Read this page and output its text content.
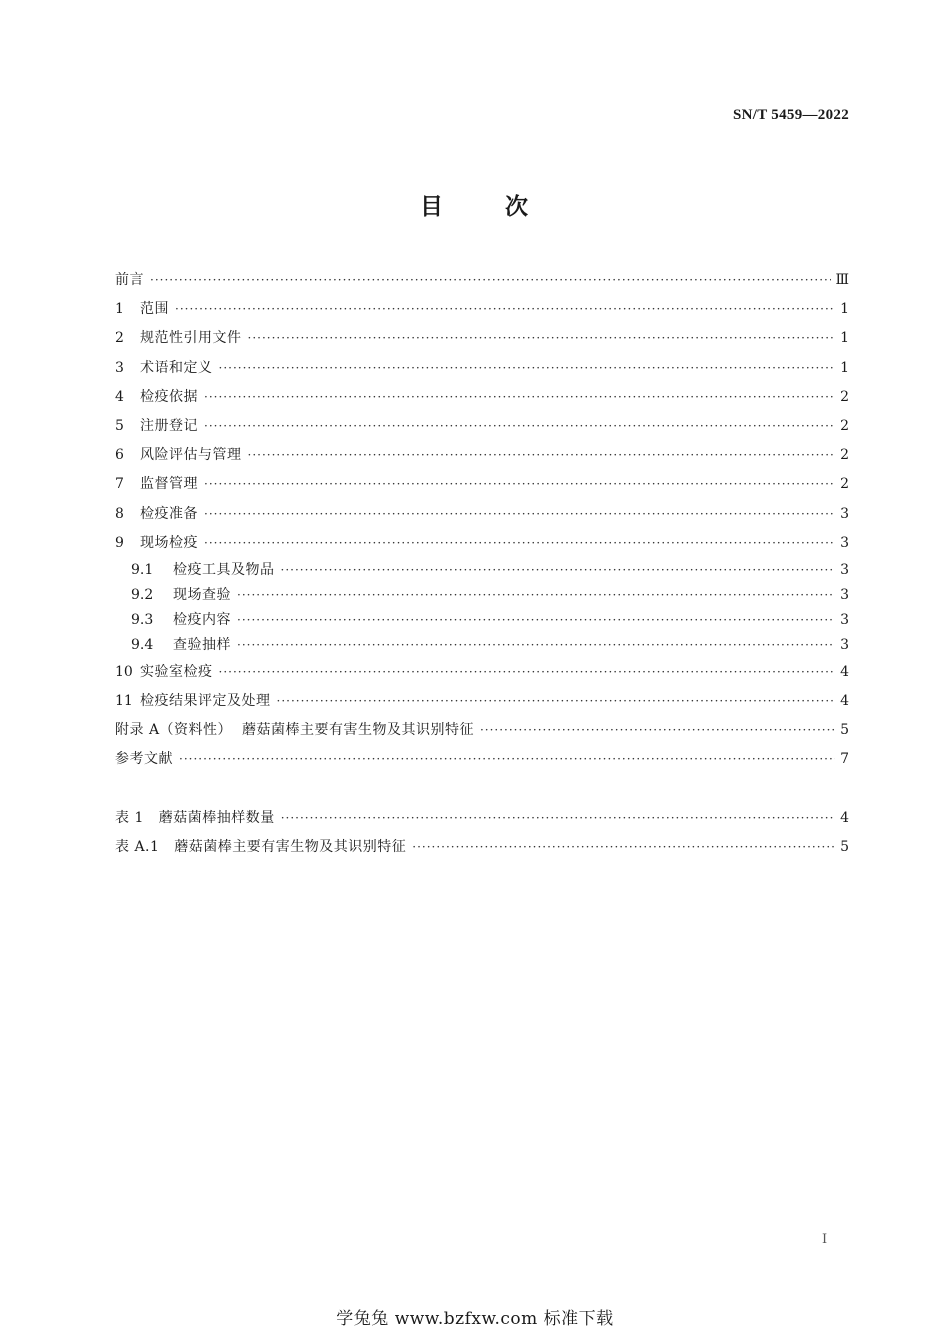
SN/T 5459—2022
目      次
前言 ·····	Ⅲ
1	范围 ·····	1
2	规范性引用文件 ·····	1
3	术语和定义 ·····	1
4	检疫依据 ·····	2
5	注册登记 ·····	2
6	风险评估与管理 ·····	2
7	监督管理 ·····	2
8	检疫准备 ·····	3
9	现场检疫 ·····	3
9.1	检疫工具及物品 ·····	3
9.2	现场查验 ·····	3
9.3	检疫内容 ·····	3
9.4	查验抽样 ·····	3
10 实验室检疫 ·····	4
11 检疫结果评定及处理 ·····	4
附录 A（资料性）  蘑菇菌棒主要有害生物及其识别特征 ·····	5
参考文献 ·····	7
表 1   蘑菇菌棒抽样数量 ·····	4
表 A.1   蘑菇菌棒主要有害生物及其识别特征 ·····	5
Ⅰ
学兔兔 www.bzfxw.com 标准下载
